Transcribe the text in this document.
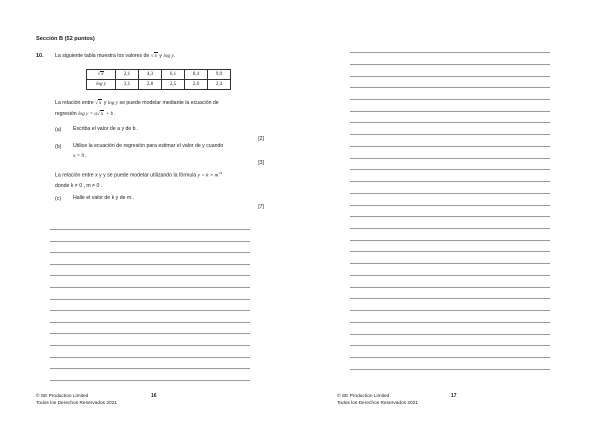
Sección B (52 puntos)
10. La siguiente tabla muestra los valores de √x y log y.
√x	2,1	4,3	6,1	8,4	9,9
log y	3,1	2,8	2,5	2,6	2,4
La relación entre √x y log y se puede modelar mediante la ecuación de
regresión log y = a√x + b .
(a) Escriba el valor de a y de b .
[2]
(b) Utilice la ecuación de regresión para estimar el valor de y cuando
x = 9 .
[3]
La relación entre x y y se puede modelar utilizando la fórmula $y = k \times m^{√x}$
donde k ≠ 0 , m ≠ 0 .
(c) Halle el valor de k y de m .
[7]
© SE Production Limited
Todos los Derechos Reservados 2021
16	© SE Production Limited
Todos los Derechos Reservados 2021
17
